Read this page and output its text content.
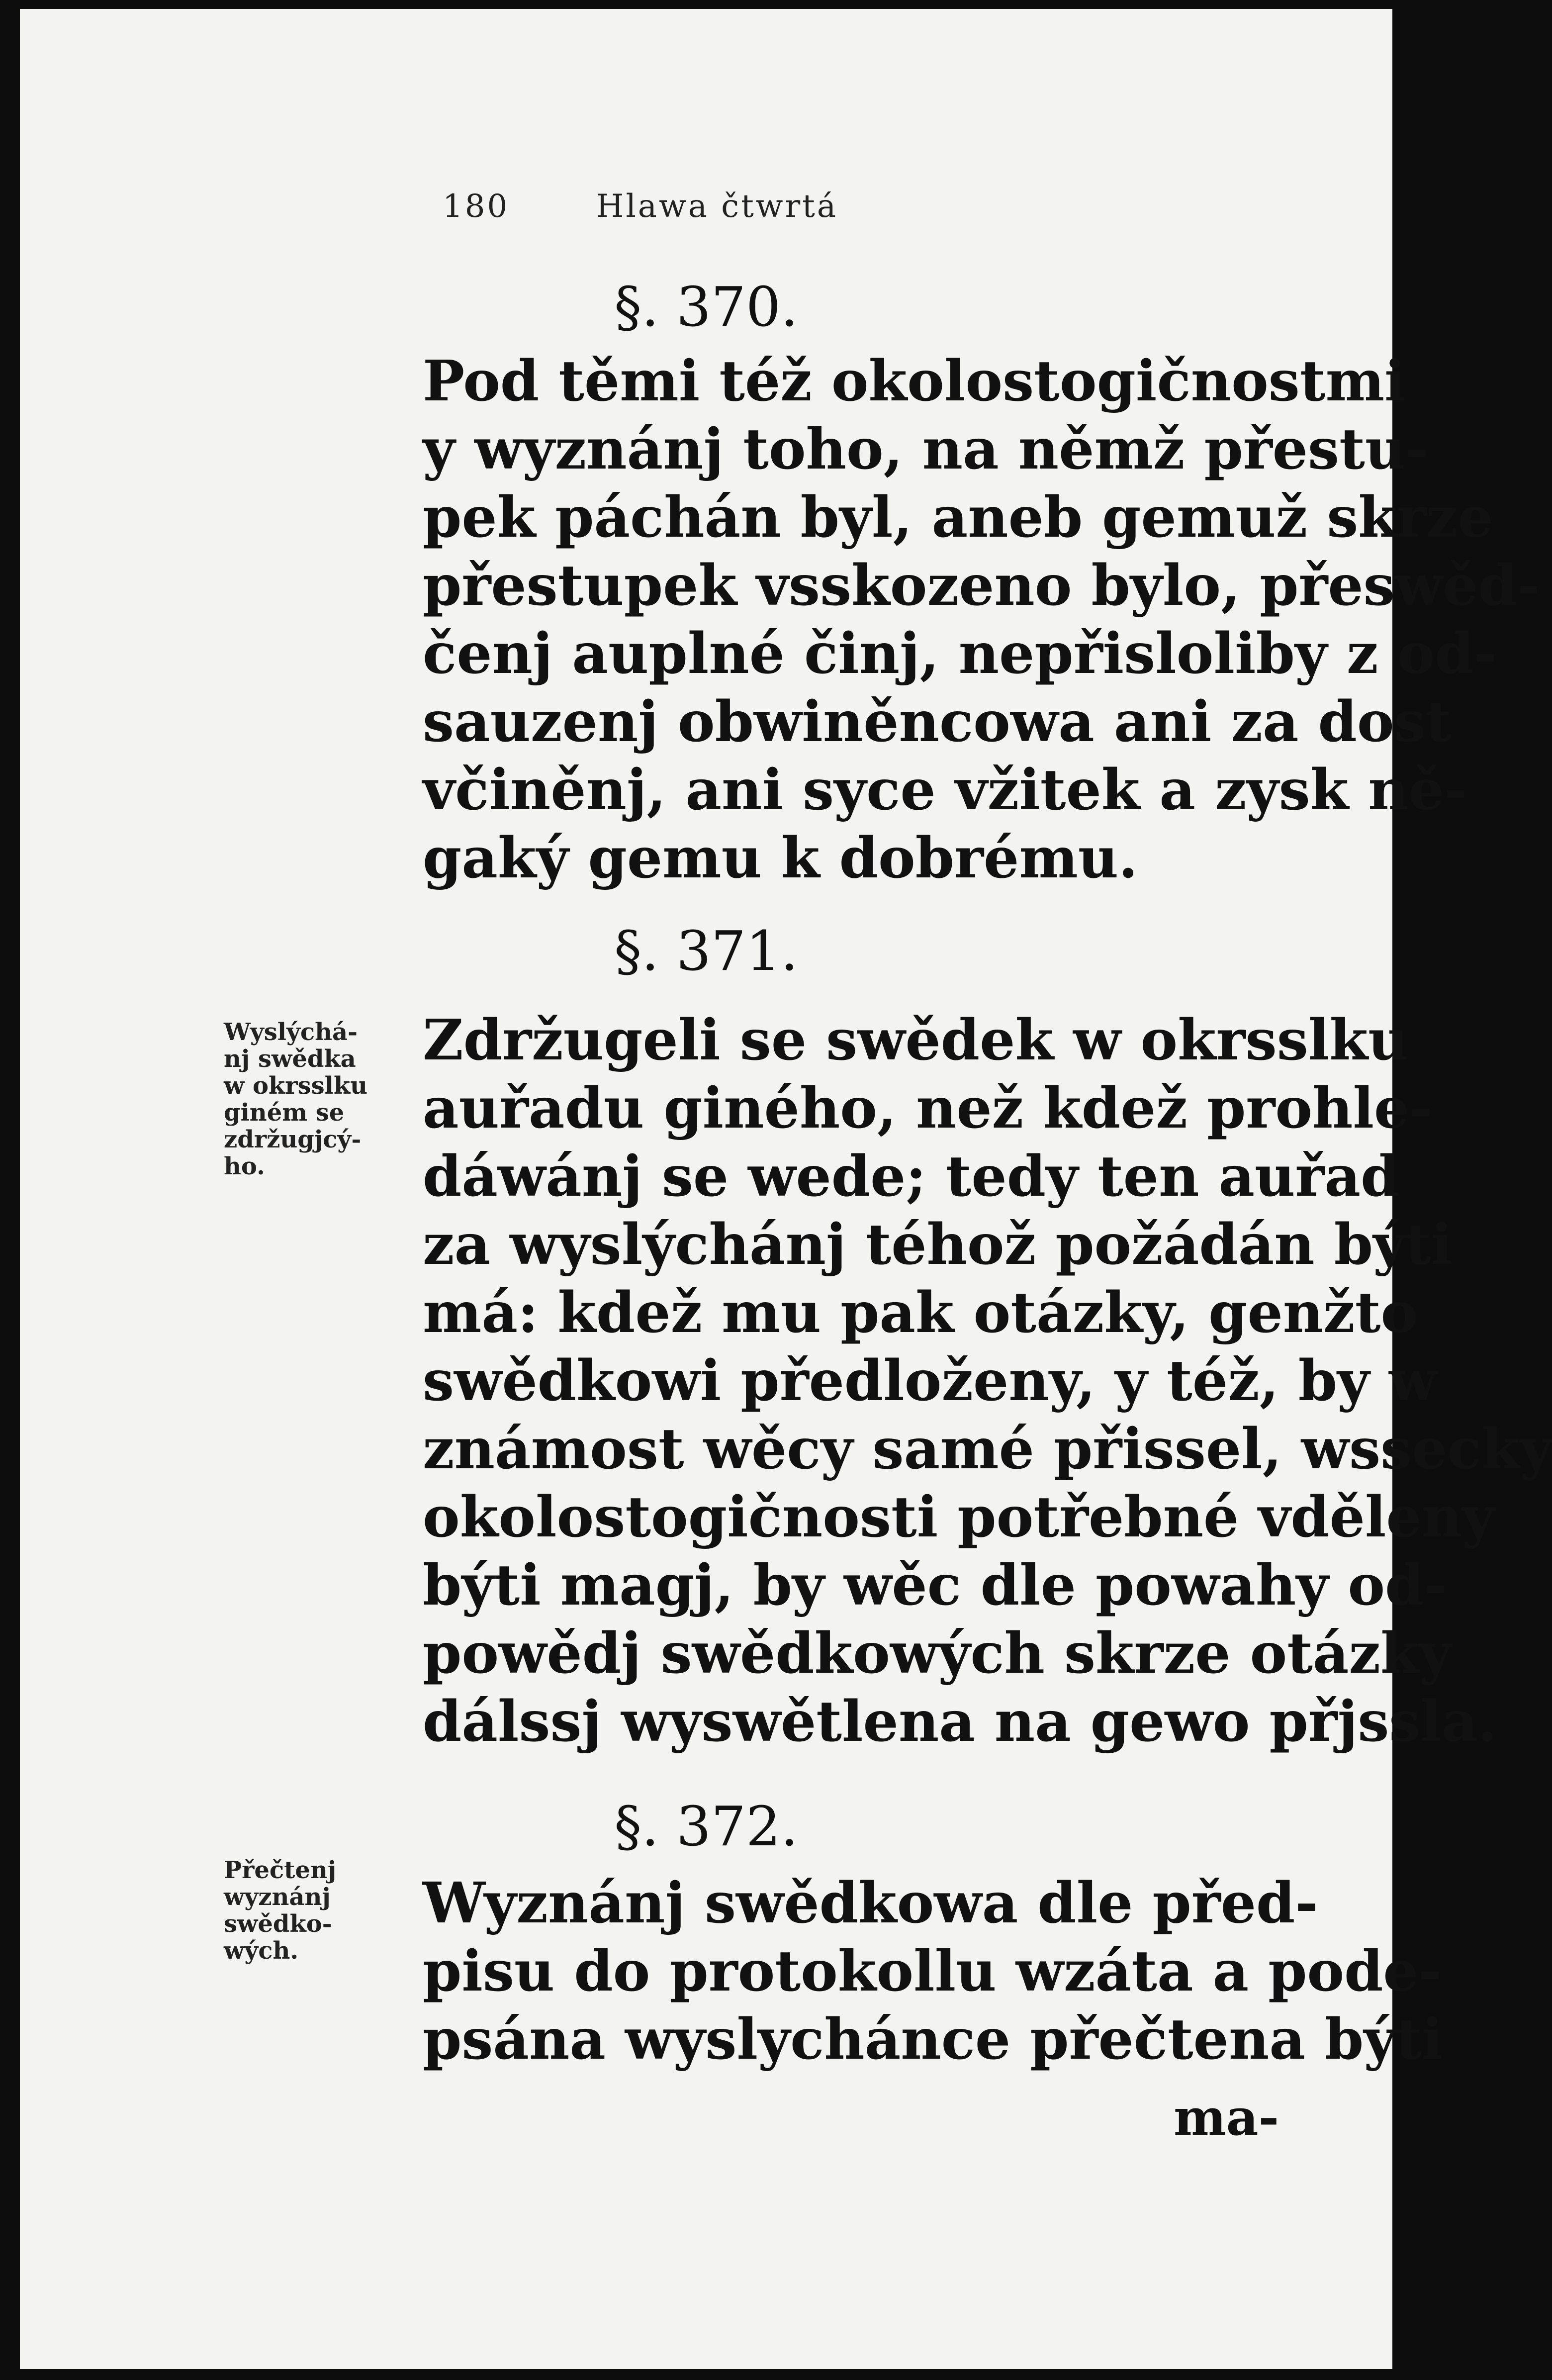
180	Hlawa čtwrtá
§. 370.
Pod těmi též okolostogičnostmi
y wyznánj toho, na němž přestu-
pek páchán byl, aneb gemuž skrze
přestupek vsskozeno bylo, přeswěd-
čenj auplné činj, nepřisloliby z od-
sauzenj obwiněncowa ani za dost
včiněnj, ani syce vžitek a zysk ně-
gaký gemu k dobrému.
§. 371.
Wyslýchá-
nj swědka
w okrsslku
giném se
zdržugjcý-
ho.
Zdržugeli se swědek w okrsslku
auřadu giného, než kdež prohle-
dáwánj se wede; tedy ten auřad
za wyslýchánj téhož požádán býti
má: kdež mu pak otázky, genžto
swědkowi předloženy, y též, by w
známost wěcy samé přissel, wssecky
okolostogičnosti potřebné vděleny
býti magj, by wěc dle powahy od-
powědj swědkowých skrze otázky
dálssj wyswětlena na gewo přjssla.
§. 372.
Přečtenj
wyznánj
swědko-
wých.
Wyznánj swědkowa dle před-
pisu do protokollu wzáta a pode-
psána wyslychánce přečtena býti
ma-
